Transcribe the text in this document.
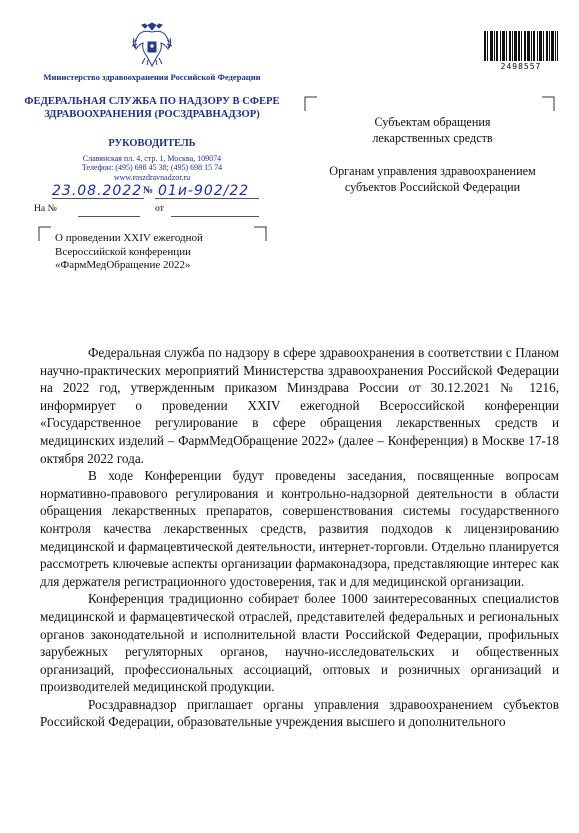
Министерство здравоохранения Российской Федерации
ФЕДЕРАЛЬНАЯ СЛУЖБА ПО НАДЗОРУ В СФЕРЕ ЗДРАВООХРАНЕНИЯ (РОСЗДРАВНАДЗОР)
РУКОВОДИТЕЛЬ
Славянская пл. 4, стр. 1, Москва, 109074
Телефон: (495) 698 45 38; (495) 698 15 74
www.roszdravnadzor.ru
23.08.2022 № 01и-902/22
На №	от
О проведении XXIV ежегодной Всероссийской конференции «ФармМедОбращение 2022»
2498557
Субъектам обращения лекарственных средств
Органам управления здравоохранением субъектов Российской Федерации

Федеральная служба по надзору в сфере здравоохранения в соответствии с Планом научно-практических мероприятий Министерства здравоохранения Российской Федерации на 2022 год, утвержденным приказом Минздрава России от 30.12.2021 № 1216, информирует о проведении XXIV ежегодной Всероссийской конференции «Государственное регулирование в сфере обращения лекарственных средств и медицинских изделий – ФармМедОбращение 2022» (далее – Конференция) в Москве 17-18 октября 2022 года.

В ходе Конференции будут проведены заседания, посвященные вопросам нормативно-правового регулирования и контрольно-надзорной деятельности в области обращения лекарственных препаратов, совершенствования системы государственного контроля качества лекарственных средств, развития подходов к лицензированию медицинской и фармацевтической деятельности, интернет-торговли. Отдельно планируется рассмотреть ключевые аспекты организации фармаконадзора, представляющие интерес как для держателя регистрационного удостоверения, так и для медицинской организации.

Конференция традиционно собирает более 1000 заинтересованных специалистов медицинской и фармацевтической отраслей, представителей федеральных и региональных органов законодательной и исполнительной власти Российской Федерации, профильных зарубежных регуляторных органов, научно-исследовательских и общественных организаций, профессиональных ассоциаций, оптовых и розничных организаций и производителей медицинской продукции.

Росздравнадзор приглашает органы управления здравоохранением субъектов Российской Федерации, образовательные учреждения высшего и дополнительного
